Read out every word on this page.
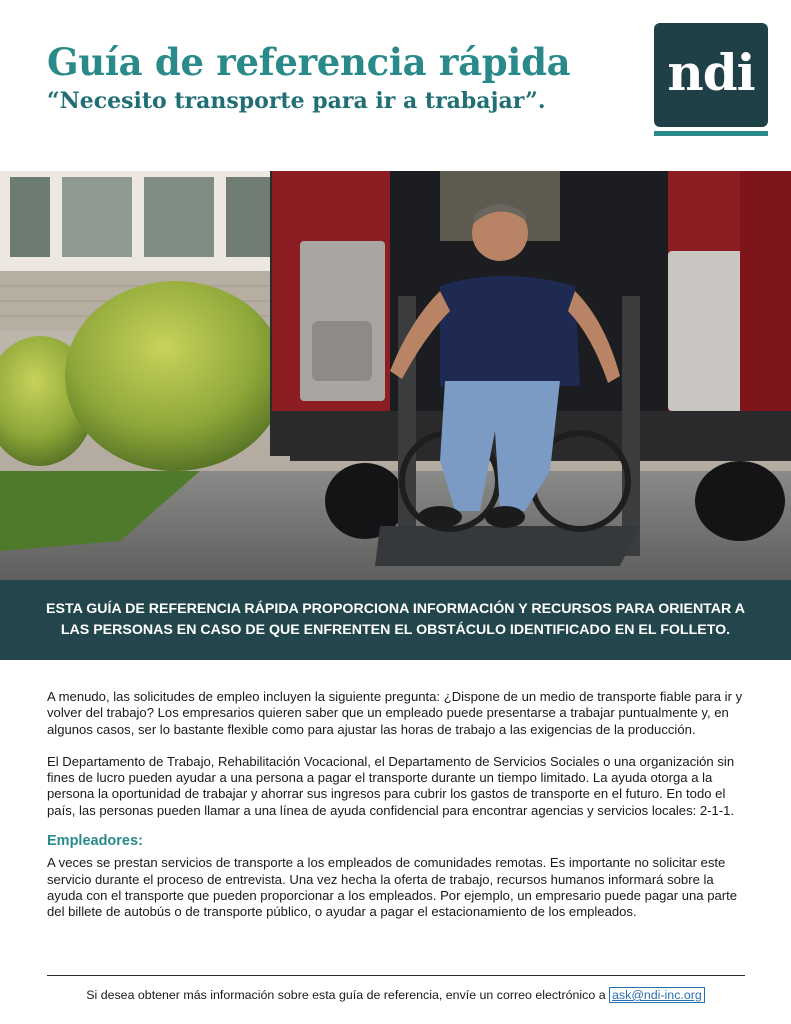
Guía de referencia rápida
“Necesito transporte para ir a trabajar”. ndi
ESTA GUÍA DE REFERENCIA RÁPIDA PROPORCIONA INFORMACIÓN Y RECURSOS PARA ORIENTAR A LAS PERSONAS EN CASO DE QUE ENFRENTEN EL OBSTÁCULO IDENTIFICADO EN EL FOLLETO.

A menudo, las solicitudes de empleo incluyen la siguiente pregunta: ¿Dispone de un medio de transporte fiable para ir y volver del trabajo? Los empresarios quieren saber que un empleado puede presentarse a trabajar puntualmente y, en algunos casos, ser lo bastante flexible como para ajustar las horas de trabajo a las exigencias de la producción.

El Departamento de Trabajo, Rehabilitación Vocacional, el Departamento de Servicios Sociales o una organización sin fines de lucro pueden ayudar a una persona a pagar el transporte durante un tiempo limitado. La ayuda otorga a la persona la oportunidad de trabajar y ahorrar sus ingresos para cubrir los gastos de transporte en el futuro. En todo el país, las personas pueden llamar a una línea de ayuda confidencial para encontrar agencias y servicios locales: 2-1-1.

Empleadores:

A veces se prestan servicios de transporte a los empleados de comunidades remotas. Es importante no solicitar este servicio durante el proceso de entrevista. Una vez hecha la oferta de trabajo, recursos humanos informará sobre la ayuda con el transporte que pueden proporcionar a los empleados. Por ejemplo, un empresario puede pagar una parte del billete de autobús o de transporte público, o ayudar a pagar el estacionamiento de los empleados.

Si desea obtener más información sobre esta guía de referencia, envíe un correo electrónico a ask@ndi-inc.org
